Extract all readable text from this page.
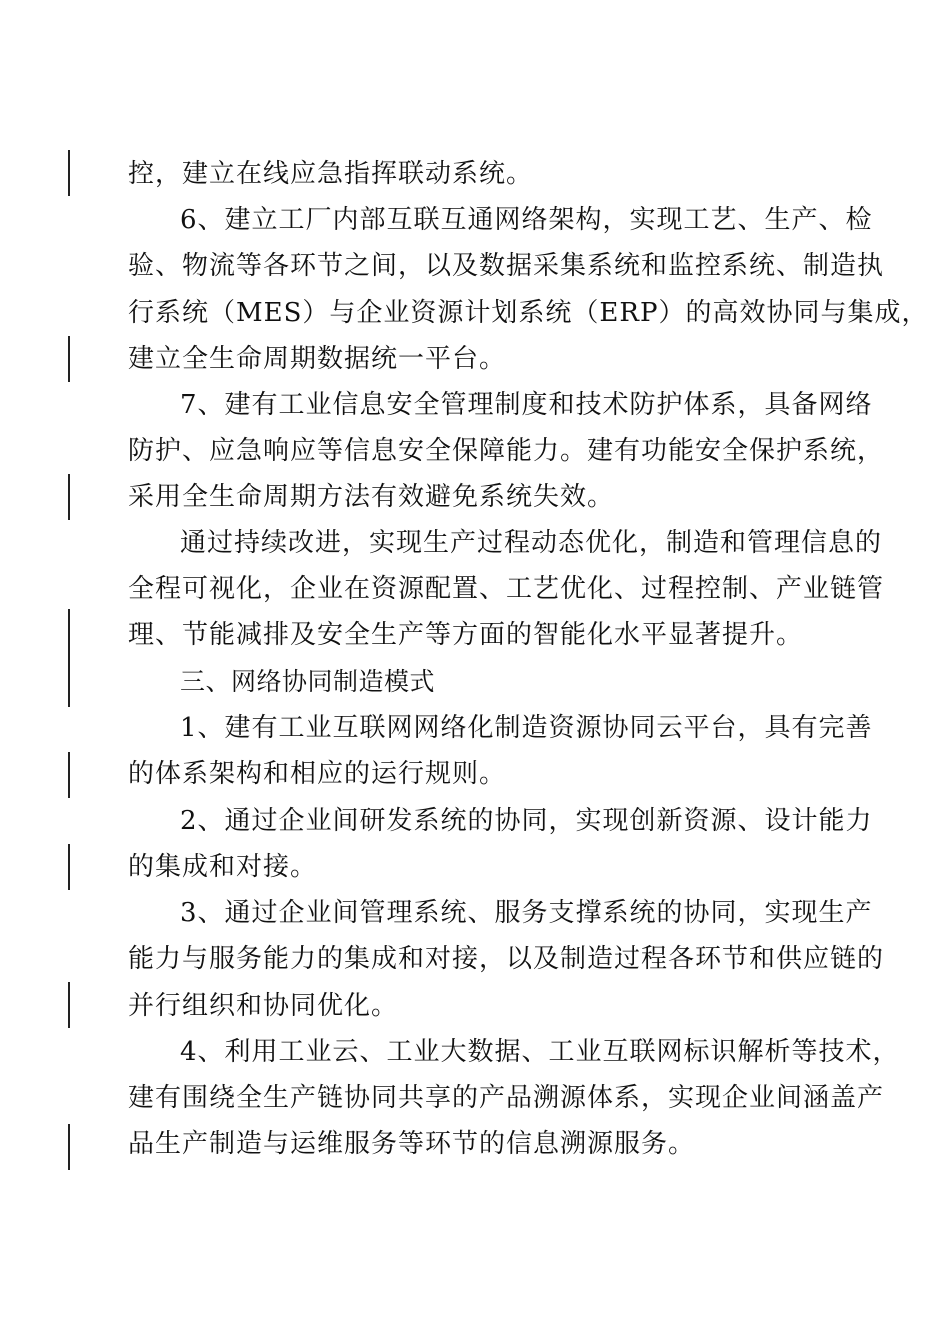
控，建立在线应急指挥联动系统。
6、建立工厂内部互联互通网络架构，实现工艺、生产、检
验、物流等各环节之间，以及数据采集系统和监控系统、制造执
行系统（MES）与企业资源计划系统（ERP）的高效协同与集成，
建立全生命周期数据统一平台。
7、建有工业信息安全管理制度和技术防护体系，具备网络
防护、应急响应等信息安全保障能力。建有功能安全保护系统，
采用全生命周期方法有效避免系统失效。
通过持续改进，实现生产过程动态优化，制造和管理信息的
全程可视化，企业在资源配置、工艺优化、过程控制、产业链管
理、节能减排及安全生产等方面的智能化水平显著提升。
三、网络协同制造模式
1、建有工业互联网网络化制造资源协同云平台，具有完善
的体系架构和相应的运行规则。
2、通过企业间研发系统的协同，实现创新资源、设计能力
的集成和对接。
3、通过企业间管理系统、服务支撑系统的协同，实现生产
能力与服务能力的集成和对接，以及制造过程各环节和供应链的
并行组织和协同优化。
4、利用工业云、工业大数据、工业互联网标识解析等技术，
建有围绕全生产链协同共享的产品溯源体系，实现企业间涵盖产
品生产制造与运维服务等环节的信息溯源服务。
